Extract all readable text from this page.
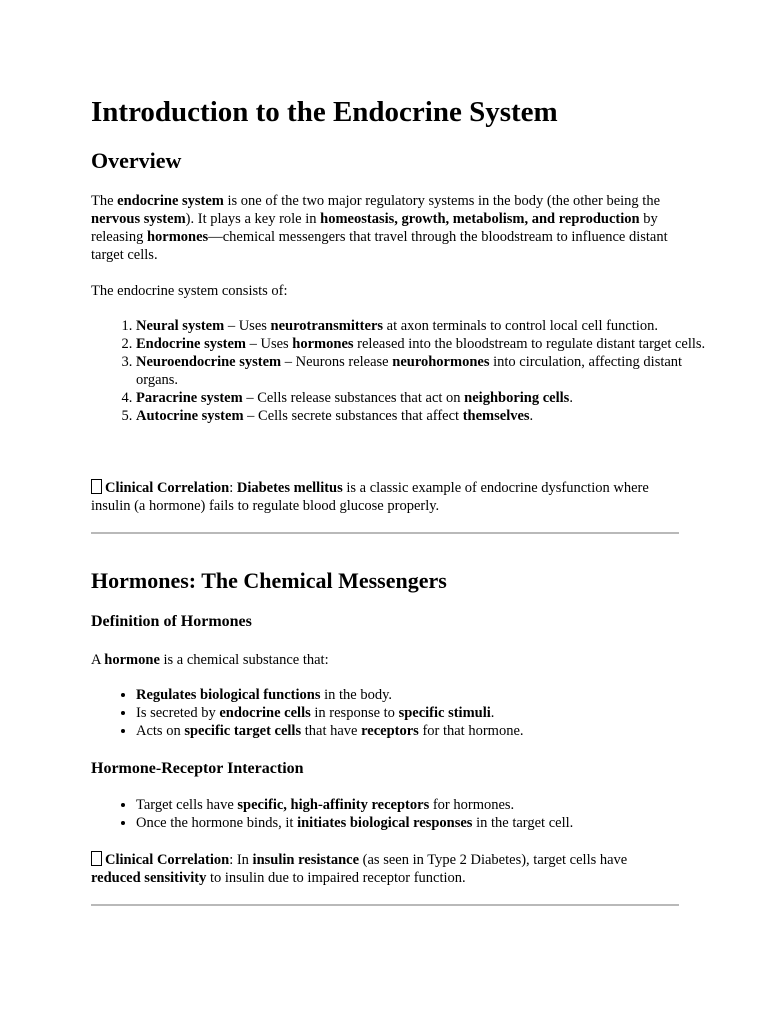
Introduction to the Endocrine System
Overview

The endocrine system is one of the two major regulatory systems in the body (the other being the nervous system). It plays a key role in homeostasis, growth, metabolism, and reproduction by releasing hormones—chemical messengers that travel through the bloodstream to influence distant target cells.

The endocrine system consists of:

1. Neural system – Uses neurotransmitters at axon terminals to control local cell function.
2. Endocrine system – Uses hormones released into the bloodstream to regulate distant target cells.
3. Neuroendocrine system – Neurons release neurohormones into circulation, affecting distant organs.
4. Paracrine system – Cells release substances that act on neighboring cells.
5. Autocrine system – Cells secrete substances that affect themselves.

Clinical Correlation: Diabetes mellitus is a classic example of endocrine dysfunction where insulin (a hormone) fails to regulate blood glucose properly.

Hormones: The Chemical Messengers
Definition of Hormones

A hormone is a chemical substance that:

• Regulates biological functions in the body.
• Is secreted by endocrine cells in response to specific stimuli.
• Acts on specific target cells that have receptors for that hormone.
Hormone-Receptor Interaction
• Target cells have specific, high-affinity receptors for hormones.
• Once the hormone binds, it initiates biological responses in the target cell.

Clinical Correlation: In insulin resistance (as seen in Type 2 Diabetes), target cells have reduced sensitivity to insulin due to impaired receptor function.
